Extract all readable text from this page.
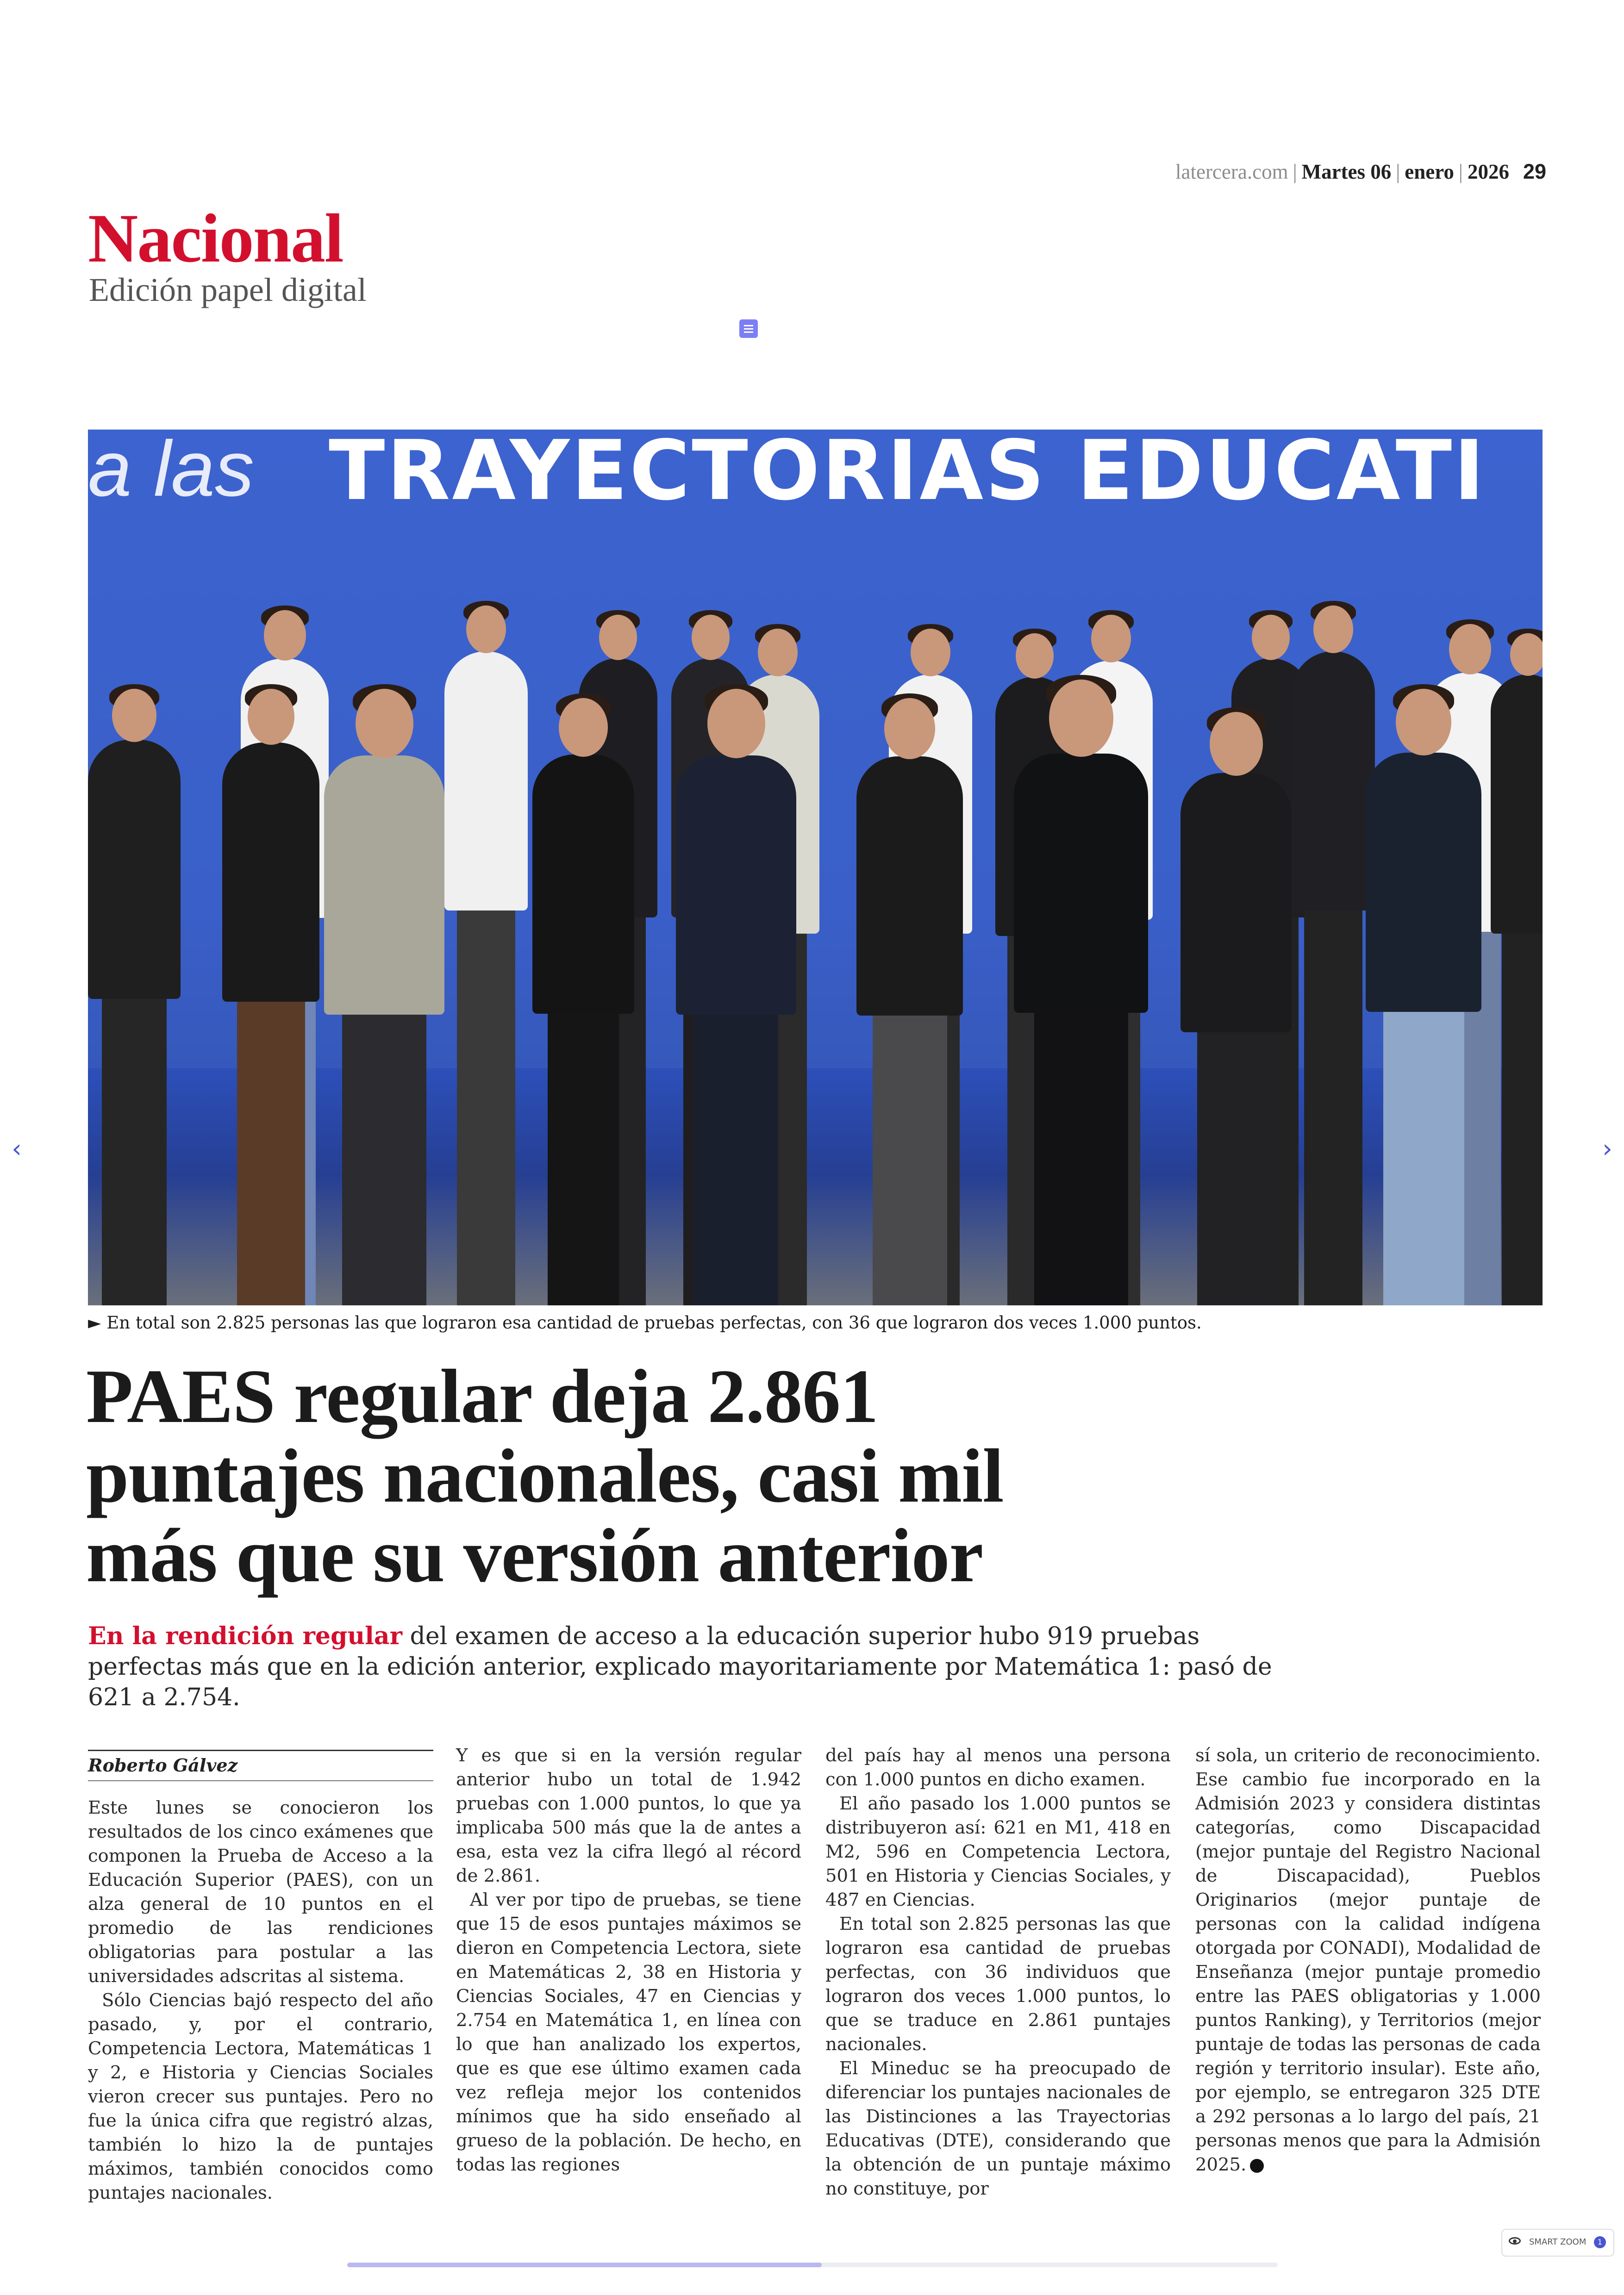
latercera.com | Martes 06 | enero | 2026 29
Nacional
Edición papel digital
a las TRAYECTORIAS EDUCATI
► En total son 2.825 personas las que lograron esa cantidad de pruebas perfectas, con 36 que lograron dos veces 1.000 puntos.
PAES regular deja 2.861
puntajes nacionales, casi mil
más que su versión anterior
En la rendición regular del examen de acceso a la educación superior hubo 919 pruebas perfectas más que en la edición anterior, explicado mayoritariamente por Matemática 1: pasó de 621 a 2.754.
Roberto Gálvez

Este lunes se conocieron los resultados de los cinco exámenes que componen la Prueba de Acceso a la Educación Superior (PAES), con un alza general de 10 puntos en el promedio de las rendiciones obligatorias para postular a las universidades adscritas al sistema.

Sólo Ciencias bajó respecto del año pasado, y, por el contrario, Competencia Lectora, Matemáticas 1 y 2, e Historia y Ciencias Sociales vieron crecer sus puntajes. Pero no fue la única cifra que registró alzas, también lo hizo la de puntajes máximos, también conocidos como puntajes nacionales.

Y es que si en la versión regular anterior hubo un total de 1.942 pruebas con 1.000 puntos, lo que ya implicaba 500 más que la de antes a esa, esta vez la cifra llegó al récord de 2.861.

Al ver por tipo de pruebas, se tiene que 15 de esos puntajes máximos se dieron en Competencia Lectora, siete en Matemáticas 2, 38 en Historia y Ciencias Sociales, 47 en Ciencias y 2.754 en Matemática 1, en línea con lo que han analizado los expertos, que es que ese último examen cada vez refleja mejor los contenidos mínimos que ha sido enseñado al grueso de la población. De hecho, en todas las regiones

del país hay al menos una persona con 1.000 puntos en dicho examen.

El año pasado los 1.000 puntos se distribuyeron así: 621 en M1, 418 en M2, 596 en Competencia Lectora, 501 en Historia y Ciencias Sociales, y 487 en Ciencias.

En total son 2.825 personas las que lograron esa cantidad de pruebas perfectas, con 36 individuos que lograron dos veces 1.000 puntos, lo que se traduce en 2.861 puntajes nacionales.

El Mineduc se ha preocupado de diferenciar los puntajes nacionales de las Distinciones a las Trayectorias Educativas (DTE), considerando que la obtención de un puntaje máximo no constituye, por

sí sola, un criterio de reconocimiento. Ese cambio fue incorporado en la Admisión 2023 y considera distintas categorías, como Discapacidad (mejor puntaje del Registro Nacional de Discapacidad), Pueblos Originarios (mejor puntaje de personas con la calidad indígena otorgada por CONADI), Modalidad de Enseñanza (mejor puntaje promedio entre las PAES obligatorias y 1.000 puntos Ranking), y Territorios (mejor puntaje de todas las personas de cada región y territorio insular). Este año, por ejemplo, se entregaron 325 DTE a 292 personas a lo largo del país, 21 personas menos que para la Admisión 2025.

‹	›
SMART ZOOM	1
